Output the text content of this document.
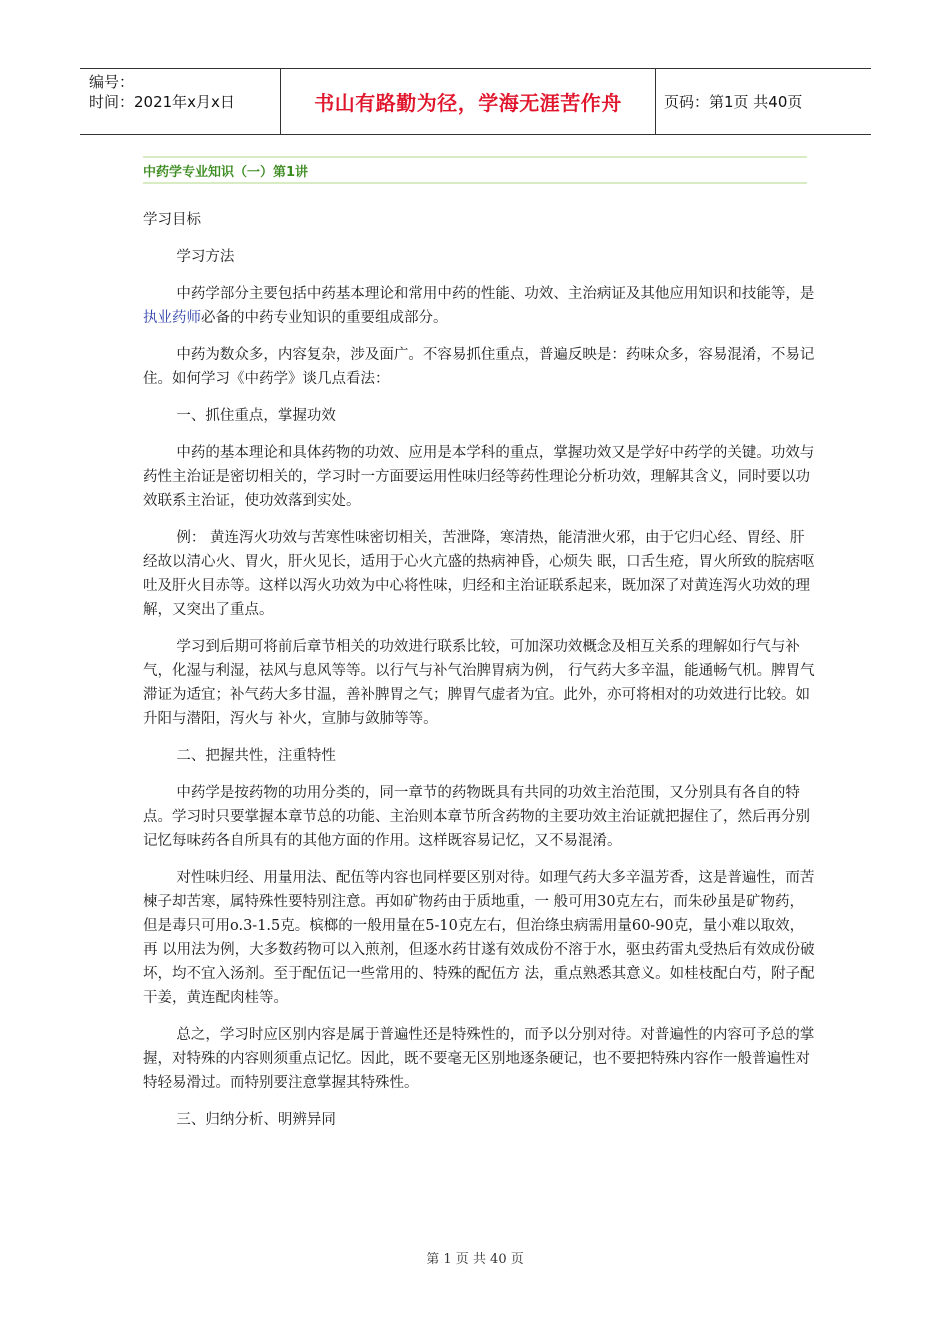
编号：
时间：2021年x月x日	书山有路勤为径，学海无涯苦作舟	页码：第1页 共40页
中药学专业知识（一）第1讲

学习目标

学习方法

中药学部分主要包括中药基本理论和常用中药的性能、功效、主治病证及其他应用知识和技能等，是执业药师必备的中药专业知识的重要组成部分。

中药为数众多，内容复杂，涉及面广。不容易抓住重点，普遍反映是：药味众多，容易混淆，不易记住。如何学习《中药学》谈几点看法：

一、抓住重点，掌握功效

中药的基本理论和具体药物的功效、应用是本学科的重点，掌握功效又是学好中药学的关键。功效与药性主治证是密切相关的，学习时一方面要运用性味归经等药性理论分析功效，理解其含义，同时要以功效联系主治证，使功效落到实处。

例： 黄连泻火功效与苦寒性味密切相关，苦泄降，寒清热，能清泄火邪，由于它归心经、胃经、肝经故以清心火、胃火，肝火见长，适用于心火亢盛的热病神昏，心烦失 眠，口舌生疮，胃火所致的脘痞呕吐及肝火目赤等。这样以泻火功效为中心将性味，归经和主治证联系起来，既加深了对黄连泻火功效的理解，又突出了重点。

学习到后期可将前后章节相关的功效进行联系比较，可加深功效概念及相互关系的理解如行气与补气，化湿与利湿，祛风与息风等等。以行气与补气治脾胃病为例， 行气药大多辛温，能通畅气机。脾胃气滞证为适宜；补气药大多甘温，善补脾胃之气；脾胃气虚者为宜。此外，亦可将相对的功效进行比较。如升阳与潜阳，泻火与 补火，宣肺与敛肺等等。

二、把握共性，注重特性

中药学是按药物的功用分类的，同一章节的药物既具有共同的功效主治范围，又分别具有各自的特点。学习时只要掌握本章节总的功能、主治则本章节所含药物的主要功效主治证就把握住了，然后再分别记忆每味药各自所具有的其他方面的作用。这样既容易记忆，又不易混淆。

对性味归经、用量用法、配伍等内容也同样要区别对待。如理气药大多辛温芳香，这是普遍性，而苦楝子却苦寒，属特殊性要特别注意。再如矿物药由于质地重，一 般可用30克左右，而朱砂虽是矿物药，但是毒只可用o.3-1.5克。槟榔的一般用量在5-10克左右，但治绦虫病需用量60-90克，量小难以取效，再 以用法为例，大多数药物可以入煎剂，但逐水药甘遂有效成份不溶于水，驱虫药雷丸受热后有效成份破坏，均不宜入汤剂。至于配伍记一些常用的、特殊的配伍方 法，重点熟悉其意义。如桂枝配白芍，附子配干姜，黄连配肉桂等。

总之，学习时应区别内容是属于普遍性还是特殊性的，而予以分别对待。对普遍性的内容可予总的掌握，对特殊的内容则须重点记忆。因此，既不要毫无区别地逐条硬记，也不要把特殊内容作一般普遍性对特轻易滑过。而特别要注意掌握其特殊性。

三、归纳分析、明辨异同

第 1 页 共 40 页
